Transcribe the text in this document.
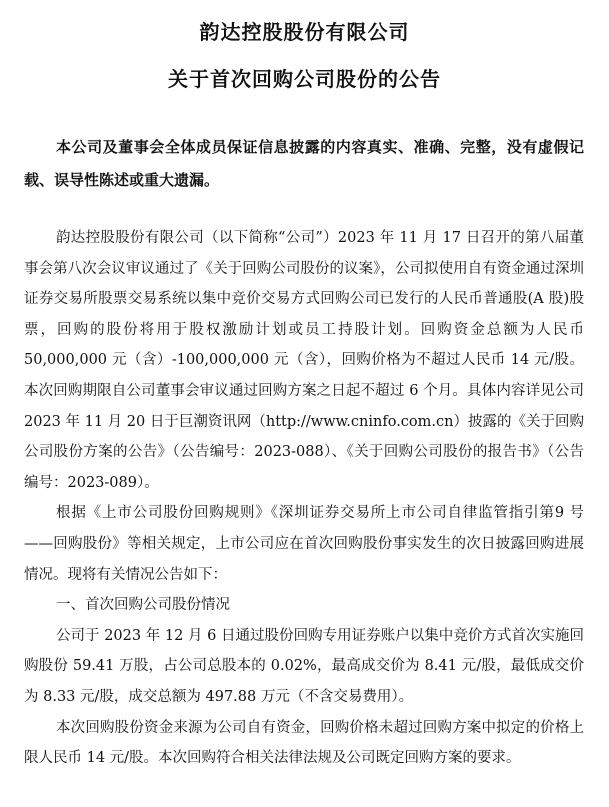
韵达控股股份有限公司
关于首次回购公司股份的公告

本公司及董事会全体成员保证信息披露的内容真实、准确、完整，没有虚假记载、误导性陈述或重大遗漏。

韵达控股股份有限公司（以下简称“公司”）2023 年 11 月 17 日召开的第八届董事会第八次会议审议通过了《关于回购公司股份的议案》，公司拟使用自有资金通过深圳证券交易所股票交易系统以集中竞价交易方式回购公司已发行的人民币普通股(A 股)股票，回购的股份将用于股权激励计划或员工持股计划。回购资金总额为人民币 50,000,000 元（含）-100,000,000 元（含），回购价格为不超过人民币 14 元/股。本次回购期限自公司董事会审议通过回购方案之日起不超过 6 个月。具体内容详见公司 2023 年 11 月 20 日于巨潮资讯网（http://www.cninfo.com.cn）披露的《关于回购公司股份方案的公告》（公告编号：2023-088）、《关于回购公司股份的报告书》（公告编号：2023-089）。

根据《上市公司股份回购规则》《深圳证券交易所上市公司自律监管指引第9 号——回购股份》等相关规定，上市公司应在首次回购股份事实发生的次日披露回购进展情况。现将有关情况公告如下：

一、首次回购公司股份情况

公司于 2023 年 12 月 6 日通过股份回购专用证券账户以集中竞价方式首次实施回购股份 59.41 万股，占公司总股本的 0.02%，最高成交价为 8.41 元/股，最低成交价为 8.33 元/股，成交总额为 497.88 万元（不含交易费用）。

本次回购股份资金来源为公司自有资金，回购价格未超过回购方案中拟定的价格上限人民币 14 元/股。本次回购符合相关法律法规及公司既定回购方案的要求。
